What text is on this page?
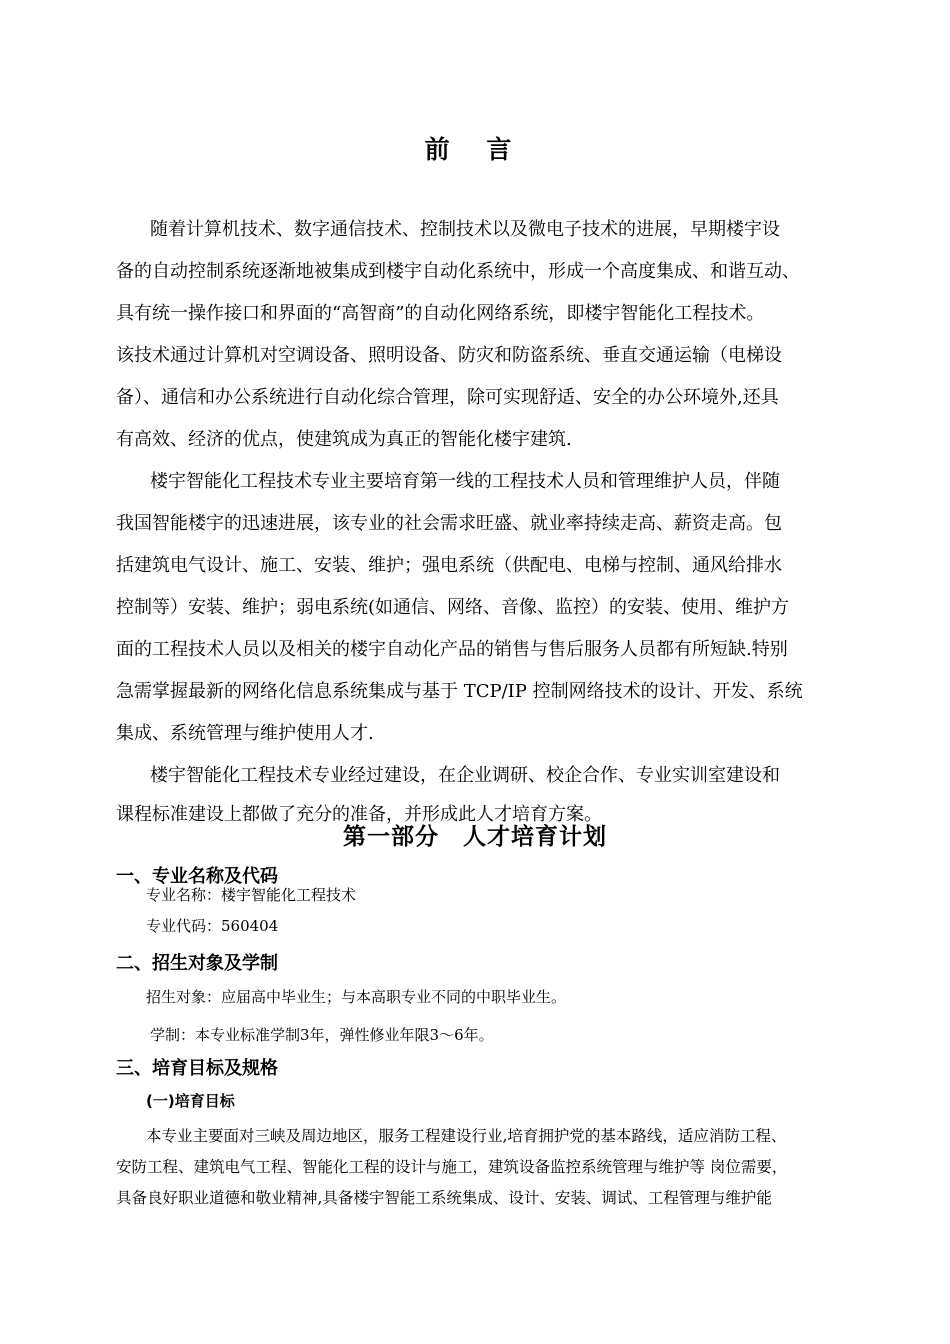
前 言

随着计算机技术、数字通信技术、控制技术以及微电子技术的进展，早期楼宇设

备的自动控制系统逐渐地被集成到楼宇自动化系统中，形成一个高度集成、和谐互动、

具有统一操作接口和界面的“高智商”的自动化网络系统，即楼宇智能化工程技术。

该技术通过计算机对空调设备、照明设备、防灾和防盗系统、垂直交通运输（电梯设

备）、通信和办公系统进行自动化综合管理，除可实现舒适、安全的办公环境外,还具

有高效、经济的优点，使建筑成为真正的智能化楼宇建筑.

楼宇智能化工程技术专业主要培育第一线的工程技术人员和管理维护人员，伴随

我国智能楼宇的迅速进展，该专业的社会需求旺盛、就业率持续走高、薪资走高。包

括建筑电气设计、施工、安装、维护；强电系统（供配电、电梯与控制、通风给排水

控制等）安装、维护；弱电系统(如通信、网络、音像、监控）的安装、使用、维护方

面的工程技术人员以及相关的楼宇自动化产品的销售与售后服务人员都有所短缺.特别

急需掌握最新的网络化信息系统集成与基于 TCP/IP 控制网络技术的设计、开发、系统

集成、系统管理与维护使用人才.

楼宇智能化工程技术专业经过建设，在企业调研、校企合作、专业实训室建设和

课程标准建设上都做了充分的准备，并形成此人才培育方案。

第一部分　人才培育计划
一、专业名称及代码

专业名称：楼宇智能化工程技术

专业代码：560404

二、招生对象及学制

招生对象：应届高中毕业生；与本高职专业不同的中职毕业生。

学制：本专业标准学制3年，弹性修业年限3～6年。

三、培育目标及规格
(一)培育目标

本专业主要面对三峡及周边地区，服务工程建设行业,培育拥护党的基本路线，适应消防工程、

安防工程、建筑电气工程、智能化工程的设计与施工，建筑设备监控系统管理与维护等 岗位需要，

具备良好职业道德和敬业精神,具备楼宇智能工系统集成、设计、安装、调试、工程管理与维护能
